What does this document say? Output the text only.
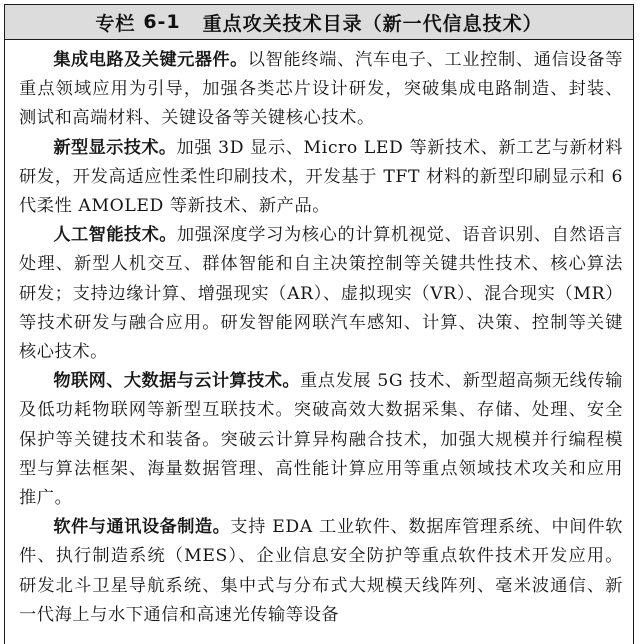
专栏 6-1 重点攻关技术目录（新一代信息技术）

集成电路及关键元器件。以智能终端、汽车电子、工业控制、通信设备等重点领域应用为引导，加强各类芯片设计研发，突破集成电路制造、封装、测试和高端材料、关键设备等关键核心技术。

新型显示技术。加强 3D 显示、Micro LED 等新技术、新工艺与新材料研发，开发高适应性柔性印刷技术，开发基于 TFT 材料的新型印刷显示和 6 代柔性 AMOLED 等新技术、新产品。

人工智能技术。加强深度学习为核心的计算机视觉、语音识别、自然语言处理、新型人机交互、群体智能和自主决策控制等关键共性技术、核心算法研发；支持边缘计算、增强现实（AR）、虚拟现实（VR）、混合现实（MR）等技术研发与融合应用。研发智能网联汽车感知、计算、决策、控制等关键核心技术。

物联网、大数据与云计算技术。重点发展 5G 技术、新型超高频无线传输及低功耗物联网等新型互联技术。突破高效大数据采集、存储、处理、安全保护等关键技术和装备。突破云计算异构融合技术，加强大规模并行编程模型与算法框架、海量数据管理、高性能计算应用等重点领域技术攻关和应用推广。

软件与通讯设备制造。支持 EDA 工业软件、数据库管理系统、中间件软件、执行制造系统（MES）、企业信息安全防护等重点软件技术开发应用。研发北斗卫星导航系统、集中式与分布式大规模天线阵列、毫米波通信、新一代海上与水下通信和高速光传输等设备
